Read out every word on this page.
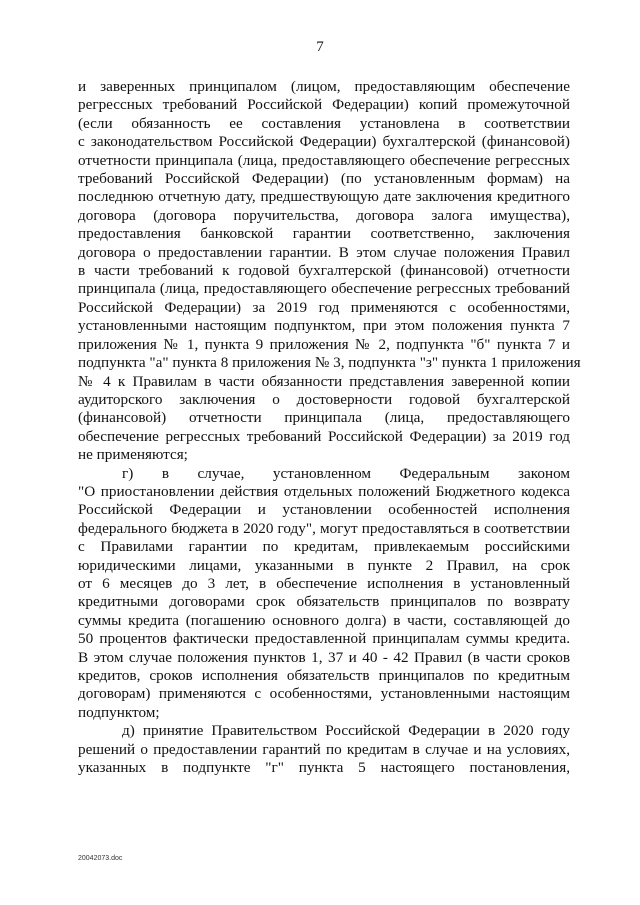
7
и заверенных принципалом (лицом, предоставляющим обеспечение
регрессных требований Российской Федерации) копий промежуточной
(если обязанность ее составления установлена в соответствии
с законодательством Российской Федерации) бухгалтерской (финансовой)
отчетности принципала (лица, предоставляющего обеспечение регрессных
требований Российской Федерации) (по установленным формам) на
последнюю отчетную дату, предшествующую дате заключения кредитного
договора (договора поручительства, договора залога имущества),
предоставления банковской гарантии соответственно, заключения
договора о предоставлении гарантии. В этом случае положения Правил
в части требований к годовой бухгалтерской (финансовой) отчетности
принципала (лица, предоставляющего обеспечение регрессных требований
Российской Федерации) за 2019 год применяются с особенностями,
установленными настоящим подпунктом, при этом положения пункта 7
приложения № 1, пункта 9 приложения № 2, подпункта "б" пункта 7 и
подпункта "а" пункта 8 приложения № 3, подпункта "з" пункта 1 приложения
№ 4 к Правилам в части обязанности представления заверенной копии
аудиторского заключения о достоверности годовой бухгалтерской
(финансовой) отчетности принципала (лица, предоставляющего
обеспечение регрессных требований Российской Федерации) за 2019 год
не применяются;
г) в случае, установленном Федеральным законом
"О приостановлении действия отдельных положений Бюджетного кодекса
Российской Федерации и установлении особенностей исполнения
федерального бюджета в 2020 году", могут предоставляться в соответствии
с Правилами гарантии по кредитам, привлекаемым российскими
юридическими лицами, указанными в пункте 2 Правил, на срок
от 6 месяцев до 3 лет, в обеспечение исполнения в установленный
кредитными договорами срок обязательств принципалов по возврату
суммы кредита (погашению основного долга) в части, составляющей до
50 процентов фактически предоставленной принципалам суммы кредита.
В этом случае положения пунктов 1, 37 и 40 - 42 Правил (в части сроков
кредитов, сроков исполнения обязательств принципалов по кредитным
договорам) применяются с особенностями, установленными настоящим
подпунктом;
д) принятие Правительством Российской Федерации в 2020 году
решений о предоставлении гарантий по кредитам в случае и на условиях,
указанных в подпункте "г" пункта 5 настоящего постановления,
20042073.doc
